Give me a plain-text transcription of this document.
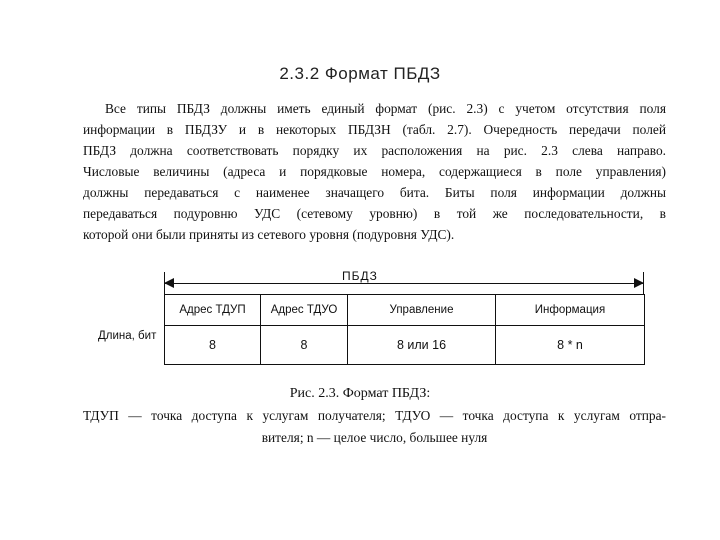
2.3.2 Формат ПБДЗ
Все типы ПБДЗ должны иметь единый формат (рис. 2.3) с учетом отсутствия поля
информации в ПБДЗУ и в некоторых ПБДЗН (табл. 2.7). Очередность передачи полей
ПБДЗ должна соответствовать порядку их расположения на рис. 2.3 слева направо.
Числовые величины (адреса и порядковые номера, содержащиеся в поле управления)
должны передаваться с наименее значащего бита. Биты поля информации должны
передаваться подуровню УДС (сетевому уровню) в той же последовательности, в
которой они были приняты из сетевого уровня (подуровня УДС).
ПБДЗ
Длина, бит
Адрес ТДУП	Адрес ТДУО	Управление	Информация
8	8	8 или 16	8 * n
Рис. 2.3. Формат ПБДЗ:
ТДУП — точка доступа к услугам получателя; ТДУО — точка доступа к услугам отпра-
вителя; n — целое число, большее нуля
